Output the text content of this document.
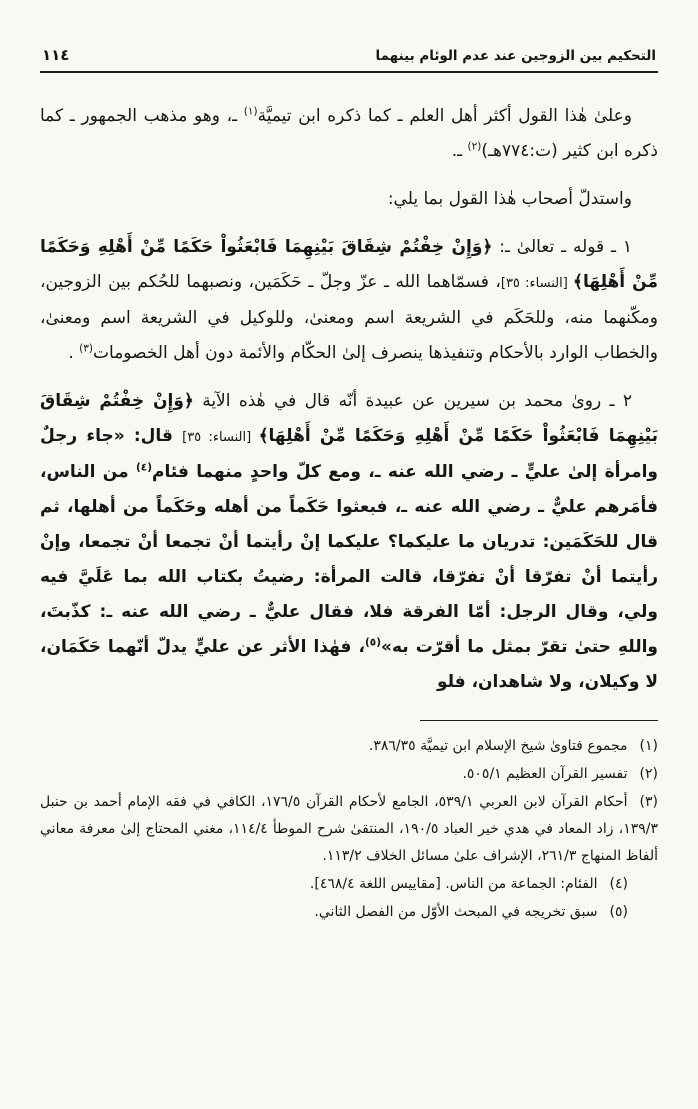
التحكيم بين الزوجين عند عدم الوئام بينهما
١١٤

وعلىٰ هٰذا القول أكثر أهل العلم ـ كما ذكره ابن تيميَّة$^{(١)}$ ـ، وهو مذهب الجمهور ـ كما ذكره ابن كثير (ت:٧٧٤هـ)$^{(٢)}$ ـ.

واستدلّ أصحاب هٰذا القول بما يلي:

١ ـ قوله ـ تعالىٰ ـ: ﴿وَإِنْ خِفْتُمْ شِقَاقَ بَيْنِهِمَا فَابْعَثُواْ حَكَمًا مِّنْ أَهْلِهِ وَحَكَمًا مِّنْ أَهْلِهَا﴾ [النساء: ٣٥]، فسمّاهما الله ـ عزّ وجلّ ـ حَكَمَين، ونصبهما للحُكم بين الزوجين، ومكّنهما منه، وللحَكَم في الشريعة اسم ومعنىٰ، وللوكيل في الشريعة اسم ومعنىٰ، والخطاب الوارد بالأحكام وتنفيذها ينصرف إلىٰ الحكّام والأئمة دون أهل الخصومات$^{(٣)}$ .

٢ ـ روىٰ محمد بن سيرين عن عبيدة أنّه قال في هٰذه الآية ﴿وَإِنْ خِفْتُمْ شِقَاقَ بَيْنِهِمَا فَابْعَثُواْ حَكَمًا مِّنْ أَهْلِهِ وَحَكَمًا مِّنْ أَهْلِهَا﴾ [النساء: ٣٥] قال: «جاء رجلٌ وامرأة إلىٰ عليٍّ ـ رضي الله عنه ـ، ومع كلّ واحدٍ منهما فئام$^{(٤)}$ من الناس، فأمَرهم عليٌّ ـ رضي الله عنه ـ، فبعثوا حَكَماً من أهله وحَكَماً من أهلها، ثم قال للحَكَمَين: تدريان ما عليكما؟ عليكما إنْ رأيتما أنْ تجمعا أنْ تجمعا، وإنْ رأيتما أنْ تفرّقا أنْ تفرّقا، قالت المرأة: رضيتُ بكتاب الله بما عَلَيَّ فيه ولي، وقال الرجل: أمّا الفرقة فلا، فقال عليٌّ ـ رضي الله عنه ـ: كذّبتَ، واللهِ حتىٰ تقرّ بمثل ما أقرّت به»$^{(٥)}$، فهٰذا الأثر عن عليٍّ يدلّ أنّهما حَكَمَان، لا وكيلان، ولا شاهدان، فلو

(١)مجموع فتاوىٰ شيخ الإسلام ابن تيميَّة ٣٨٦/٣٥.
(٢)تفسير القرآن العظيم ٥٠٥/١.
(٣)أحكام القرآن لابن العربي ٥٣٩/١، الجامع لأحكام القرآن ١٧٦/٥، الكافي في فقه الإمام أحمد بن حنبل ١٣٩/٣، زاد المعاد في هدي خير العباد ١٩٠/٥، المنتقىٰ شرح الموطأ ١١٤/٤، مغني المحتاج إلىٰ معرفة معاني ألفاظ المنهاج ٢٦١/٣، الإشراف علىٰ مسائل الخلاف ١١٣/٢.
(٤)الفئام: الجماعة من الناس. [مقاييس اللغة ٤٦٨/٤].
(٥)سبق تخريجه في المبحث الأوّل من الفصل الثاني.
